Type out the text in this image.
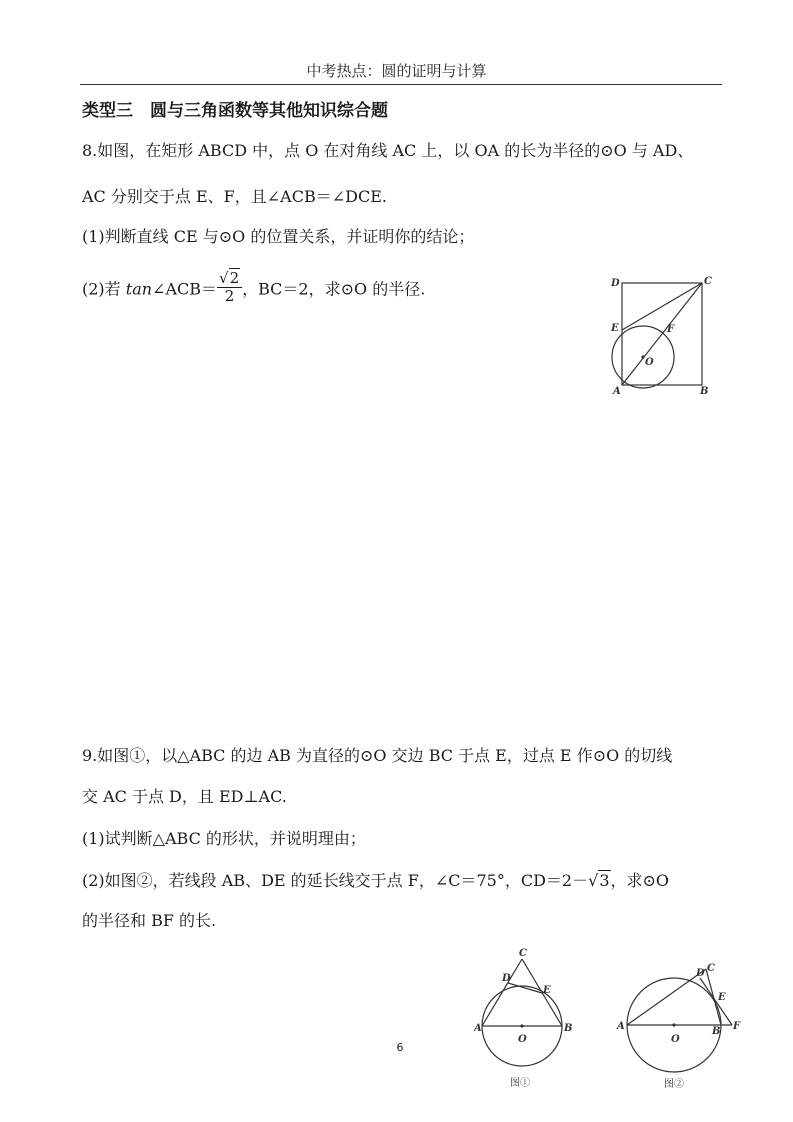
中考热点：圆的证明与计算
类型三　圆与三角函数等其他知识综合题
8.如图，在矩形 ABCD 中，点 O 在对角线 AC 上，以 OA 的长为半径的⊙O 与 AD、
AC 分别交于点 E、F，且∠ACB＝∠DCE.
(1)判断直线 CE 与⊙O 的位置关系，并证明你的结论；
(2)若 tan∠ACB＝ $\frac{√2}{2}$ ，BC＝2，求⊙O 的半径.	D	C
E	F
O
A	B
9.如图①，以△ABC 的边 AB 为直径的⊙O 交边 BC 于点 E，过点 E 作⊙O 的切线
交 AC 于点 D，且 ED⊥AC.
(1)试判断△ABC 的形状，并说明理由；
(2)如图②，若线段 AB、DE 的延长线交于点 F，∠C＝75°，CD＝2－√3，求⊙O
的半径和 BF 的长.
C
D
E
A	B
O
图①
D C
E
A	B F
O
图②
6
